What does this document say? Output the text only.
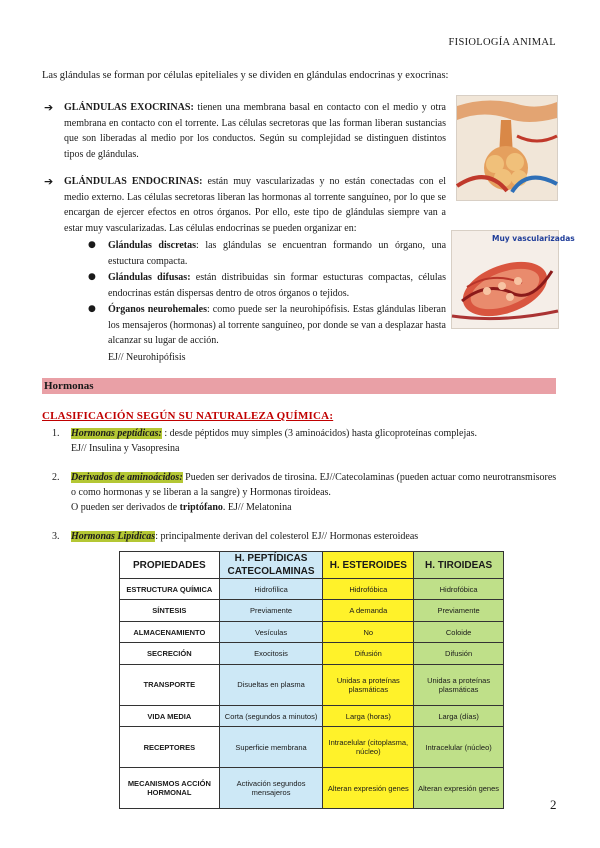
FISIOLOGÍA ANIMAL
Las glándulas se forman por células epiteliales y se dividen en glándulas endocrinas y exocrinas:
➔ GLÁNDULAS EXOCRINAS: tienen una membrana basal en contacto con el medio y otra membrana en contacto con el torrente. Las células secretoras que las forman liberan sustancias que son liberadas al medio por los conductos. Según su complejidad se distinguen distintos tipos de glándulas.
➔ GLÁNDULAS ENDOCRINAS: están muy vascularizadas y no están conectadas con el medio externo. Las células secretoras liberan las hormonas al torrente sanguíneo, por lo que se encargan de ejercer efectos en otros órganos. Por ello, este tipo de glándulas siempre van a estar muy vascularizadas. Las células endocrinas se pueden organizar en:
● Glándulas discretas: las glándulas se encuentran formando un órgano, una estuctura compacta.
● Glándulas difusas: están distribuidas sin formar estucturas compactas, células endocrinas están dispersas dentro de otros órganos o tejidos.
● Órganos neurohemales: como puede ser la neurohipófisis. Estas glándulas liberan los mensajeros (hormonas) al torrente sanguíneo, por donde se van a desplazar hasta alcanzar su lugar de acción.
EJ// Neurohipófisis
Muy vascularizadas
Hormonas
CLASIFICACIÓN SEGÚN SU NATURALEZA QUÍMICA:
1. Hormonas peptídicas: : desde péptidos muy simples (3 aminoácidos) hasta glicoproteínas complejas.
EJ// Insulina y Vasopresina
2. Derivados de aminoácidos: Pueden ser derivados de tirosina. EJ//Catecolaminas (pueden actuar como neurotransmisores o como hormonas y se liberan a la sangre) y Hormonas tiroideas.
O pueden ser derivados de triptófano. EJ// Melatonina
3. Hormonas Lipídicas: principalmente derivan del colesterol EJ// Hormonas esteroideas
PROPIEDADES	H. PEPTÍDICAS CATECOLAMINAS	H. ESTEROIDES	H. TIROIDEAS
ESTRUCTURA QUÍMICA	Hidrofílica	Hidrofóbica	Hidrofóbica
SÍNTESIS	Previamente	A demanda	Previamente
ALMACENAMIENTO	Vesículas	No	Coloide
SECRECIÓN	Exocitosis	Difusión	Difusión
TRANSPORTE	Disueltas en plasma	Unidas a proteínas plasmáticas	Unidas a proteínas plasmáticas
VIDA MEDIA	Corta (segundos a minutos)	Larga (horas)	Larga (días)
RECEPTORES	Superficie membrana	Intracelular (citoplasma, núcleo)	Intracelular (núcleo)
MECANISMOS ACCIÓN HORMONAL	Activación segundos mensajeros	Alteran expresión genes	Alteran expresión genes
2
